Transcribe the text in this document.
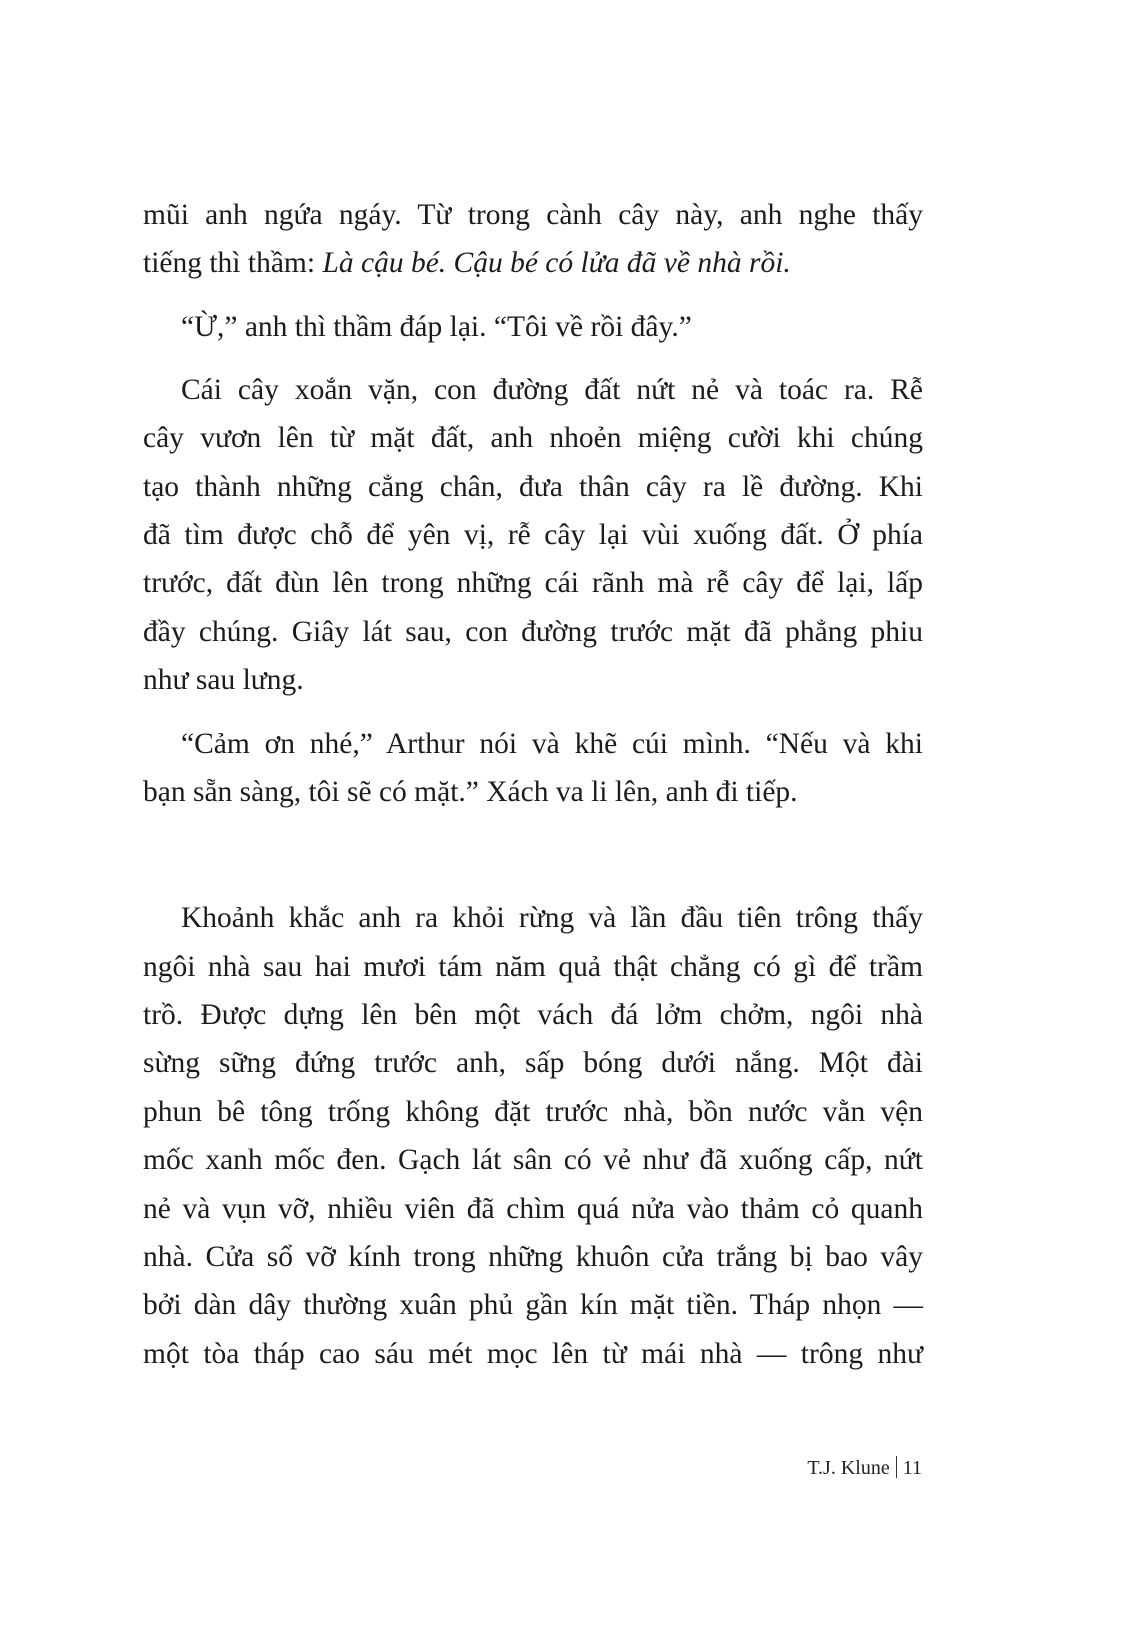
mũi anh ngứa ngáy. Từ trong cành cây này, anh nghe thấy
tiếng thì thầm: Là cậu bé. Cậu bé có lửa đã về nhà rồi.
“Ừ,” anh thì thầm đáp lại. “Tôi về rồi đây.”
Cái cây xoắn vặn, con đường đất nứt nẻ và toác ra. Rễ
cây vươn lên từ mặt đất, anh nhoẻn miệng cười khi chúng
tạo thành những cẳng chân, đưa thân cây ra lề đường. Khi
đã tìm được chỗ để yên vị, rễ cây lại vùi xuống đất. Ở phía
trước, đất đùn lên trong những cái rãnh mà rễ cây để lại, lấp
đầy chúng. Giây lát sau, con đường trước mặt đã phẳng phiu
như sau lưng.
“Cảm ơn nhé,” Arthur nói và khẽ cúi mình. “Nếu và khi
bạn sẵn sàng, tôi sẽ có mặt.” Xách va li lên, anh đi tiếp.
Khoảnh khắc anh ra khỏi rừng và lần đầu tiên trông thấy
ngôi nhà sau hai mươi tám năm quả thật chẳng có gì để trầm
trồ. Được dựng lên bên một vách đá lởm chởm, ngôi nhà
sừng sững đứng trước anh, sấp bóng dưới nắng. Một đài
phun bê tông trống không đặt trước nhà, bồn nước vằn vện
mốc xanh mốc đen. Gạch lát sân có vẻ như đã xuống cấp, nứt
nẻ và vụn vỡ, nhiều viên đã chìm quá nửa vào thảm cỏ quanh
nhà. Cửa sổ vỡ kính trong những khuôn cửa trắng bị bao vây
bởi dàn dây thường xuân phủ gần kín mặt tiền. Tháp nhọn —
một tòa tháp cao sáu mét mọc lên từ mái nhà — trông như
T.J. Klune 11
